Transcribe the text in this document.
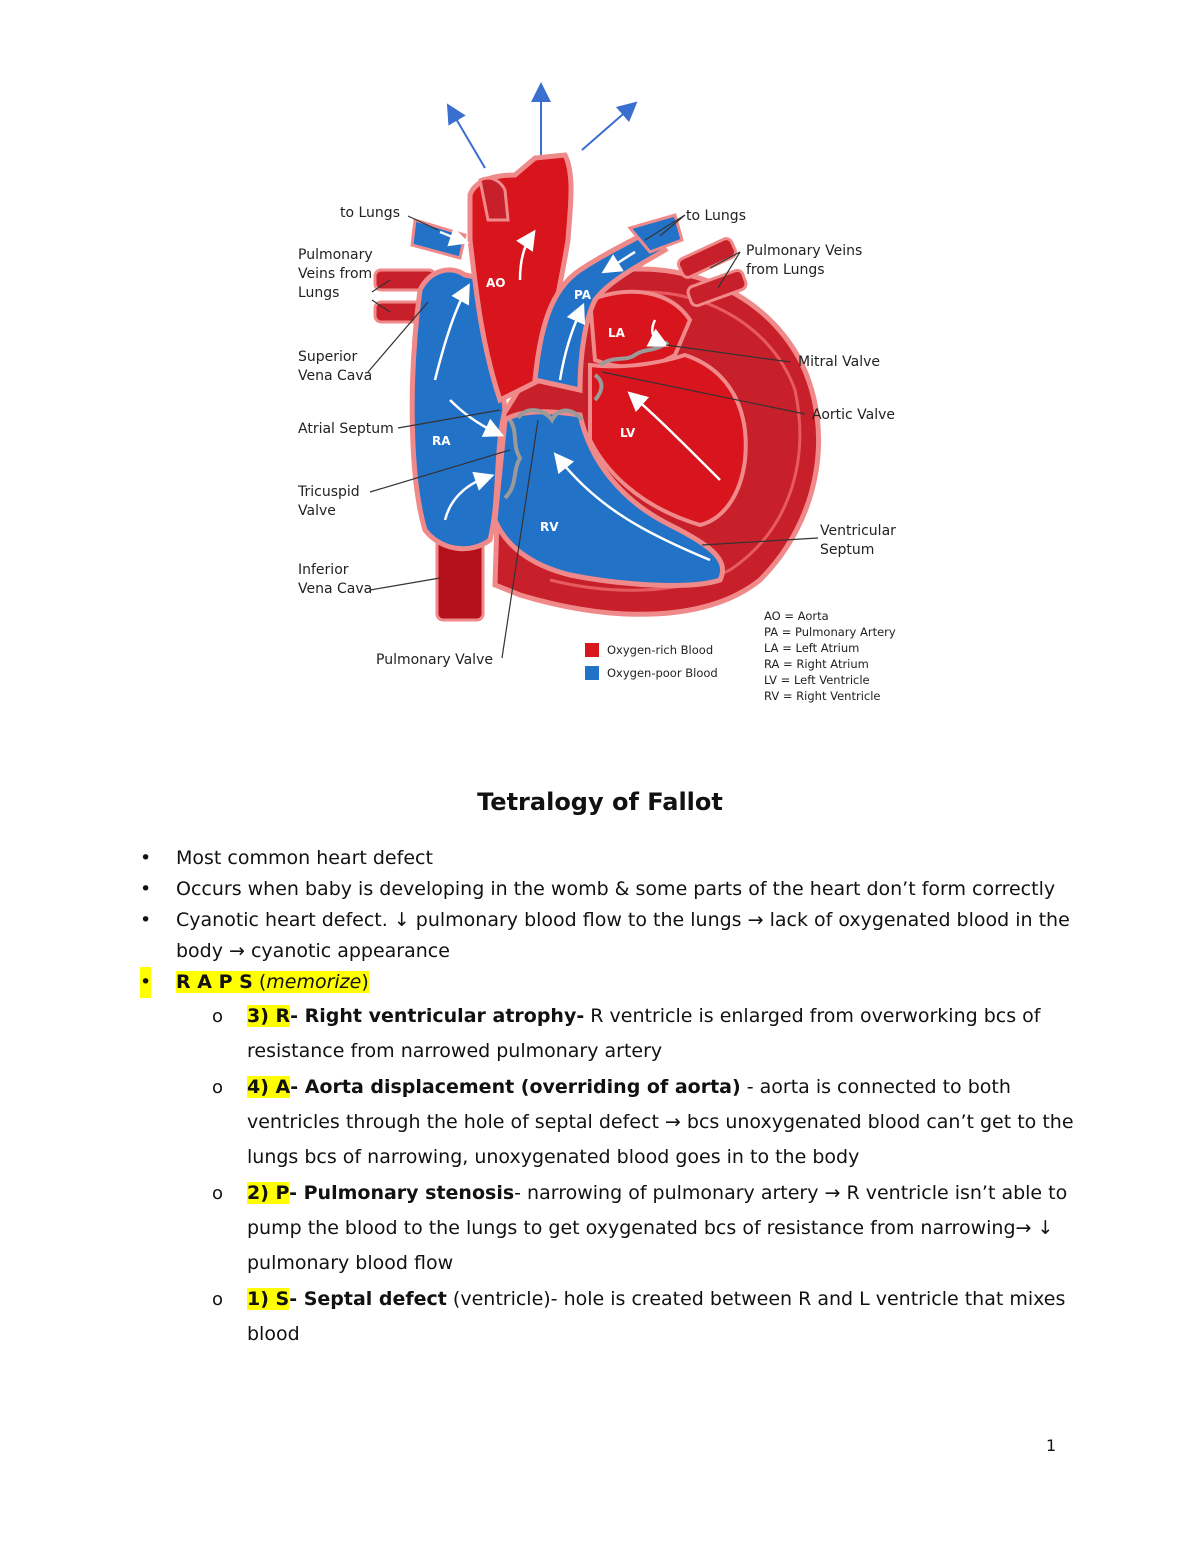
AO
PA
LA
RA
LV
RV
to Lungs
Pulmonary
Veins from
Lungs
Superior
Vena Cava
Atrial Septum
Tricuspid
Valve
Inferior
Vena Cava
Pulmonary Valve
to Lungs
Pulmonary Veins
from Lungs
Mitral Valve
Aortic Valve
Ventricular
Septum
Oxygen-rich Blood
Oxygen-poor Blood
AO = Aorta
PA = Pulmonary Artery
LA = Left Atrium
RA = Right Atrium
LV = Left Ventricle
RV = Right Ventricle
Tetralogy of Fallot
• Most common heart defect
• Occurs when baby is developing in the womb & some parts of the heart don’t form correctly
• Cyanotic heart defect. ↓ pulmonary blood flow to the lungs → lack of oxygenated blood in the body → cyanotic appearance
• R A P S (memorize)
o 3) R- Right ventricular atrophy- R ventricle is enlarged from overworking bcs of resistance from narrowed pulmonary artery
o 4) A- Aorta displacement (overriding of aorta) - aorta is connected to both ventricles through the hole of septal defect → bcs unoxygenated blood can’t get to the lungs bcs of narrowing, unoxygenated blood goes in to the body
o 2) P- Pulmonary stenosis- narrowing of pulmonary artery → R ventricle isn’t able to pump the blood to the lungs to get oxygenated bcs of resistance from narrowing→ ↓ pulmonary blood flow
o 1) S- Septal defect (ventricle)- hole is created between R and L ventricle that mixes blood
1
